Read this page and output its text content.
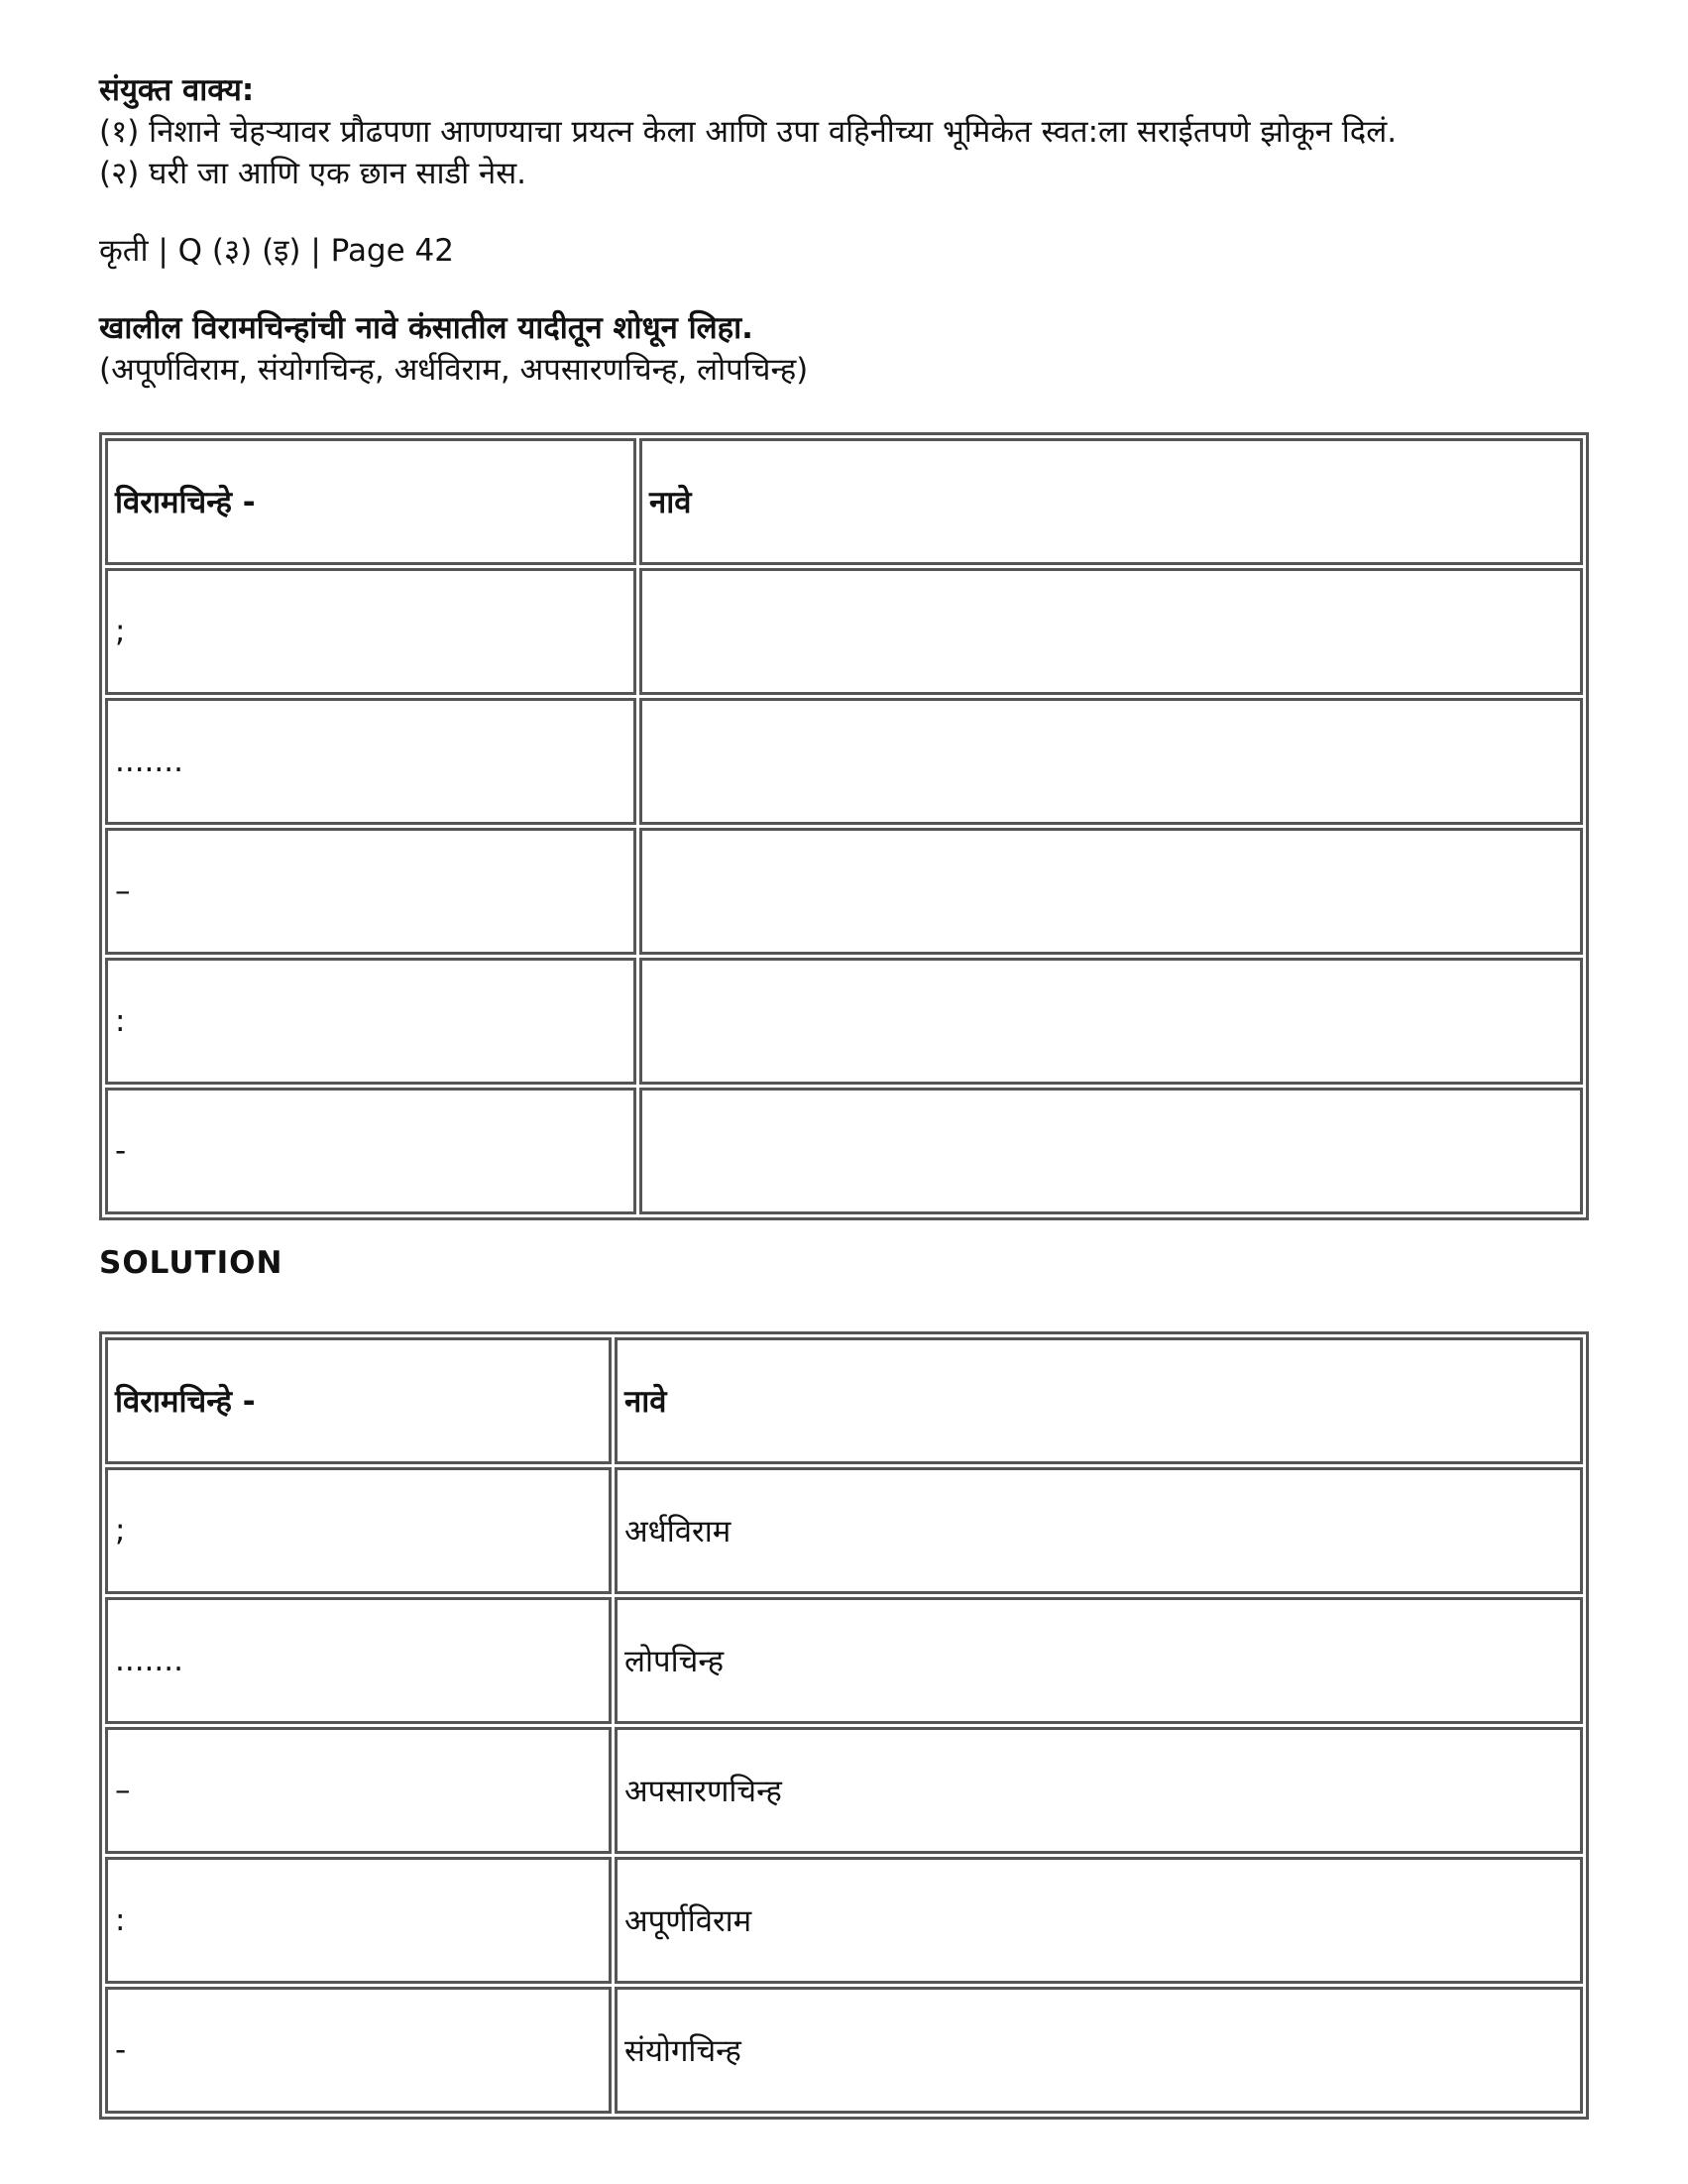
संयुक्त वाक्य:

(१) निशाने चेहऱ्यावर प्रौढपणा आणण्याचा प्रयत्न केला आणि उपा वहिनीच्या भूमिकेत स्वत:ला सराईतपणे झोकून दिलं.

(२) घरी जा आणि एक छान साडी नेस.

कृती | Q (३) (इ) | Page 42

खालील विरामचिन्हांची नावे कंसातील यादीतून शोधून लिहा.

(अपूर्णविराम, संयोगचिन्ह, अर्धविराम, अपसारणचिन्ह, लोपचिन्ह)

विरामचिन्हे -	नावे
;	
.......	
–	
:	
-	

SOLUTION

विरामचिन्हे -	नावे
;	अर्धविराम
.......	लोपचिन्ह
–	अपसारणचिन्ह
:	अपूर्णविराम
-	संयोगचिन्ह
